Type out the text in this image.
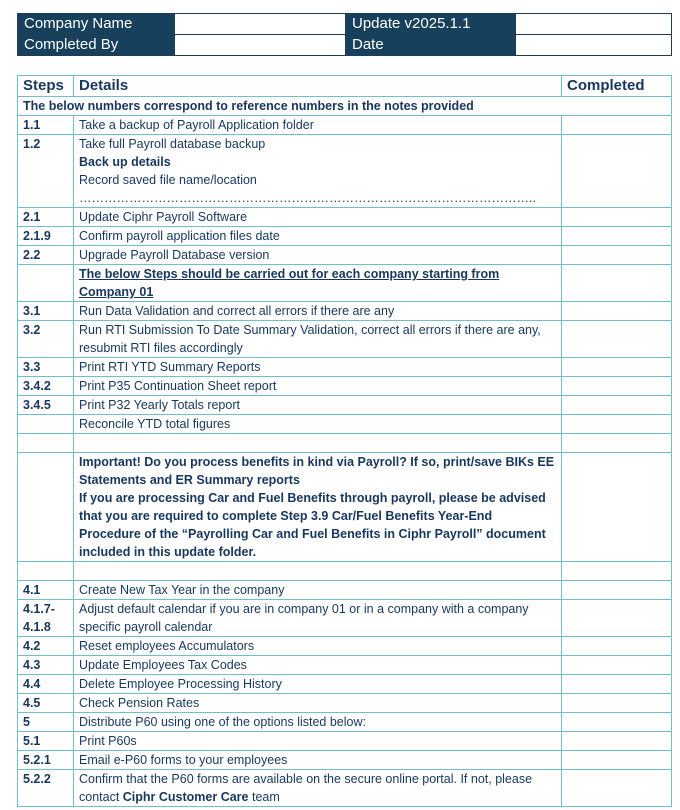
Company Name		Update v2025.1.1	
Completed By		Date	
Steps	Details	Completed
The below numbers correspond to reference numbers in the notes provided		
1.1	Take a backup of Payroll Application folder	
1.2	Take full Payroll database backup
Back up details
Record saved file name/location
………………………………………………………………………………………………..	

2.1	Update Ciphr Payroll Software	
2.1.9	Confirm payroll application files date	
2.2	Upgrade Payroll Database version	
	The below Steps should be carried out for each company starting from Company 01	
3.1	Run Data Validation and correct all errors if there are any	
3.2	Run RTI Submission To Date Summary Validation, correct all errors if there are any, resubmit RTI files accordingly	
3.3	Print RTI YTD Summary Reports	
3.4.2	Print P35 Continuation Sheet report	
3.4.5	Print P32 Yearly Totals report	
	Reconcile YTD total figures	

	Important! Do you process benefits in kind via Payroll? If so, print/save BIKs EE Statements and ER Summary reports
If you are processing Car and Fuel Benefits through payroll, please be advised that you are required to complete Step 3.9 Car/Fuel Benefits Year-End Procedure of the “Payrolling Car and Fuel Benefits in Ciphr Payroll” document included in this update folder.	

4.1	Create New Tax Year in the company	

4.1.7-
4.1.8	Adjust default calendar if you are in company 01 or in a company with a company specific payroll calendar	
4.2	Reset employees Accumulators	
4.3	Update Employees Tax Codes	
4.4	Delete Employee Processing History	
4.5	Check Pension Rates	
5	Distribute P60 using one of the options listed below:	
5.1	Print P60s	
5.2.1	Email e-P60 forms to your employees	
5.2.2	Confirm that the P60 forms are available on the secure online portal. If not, please contact Ciphr Customer Care team	
